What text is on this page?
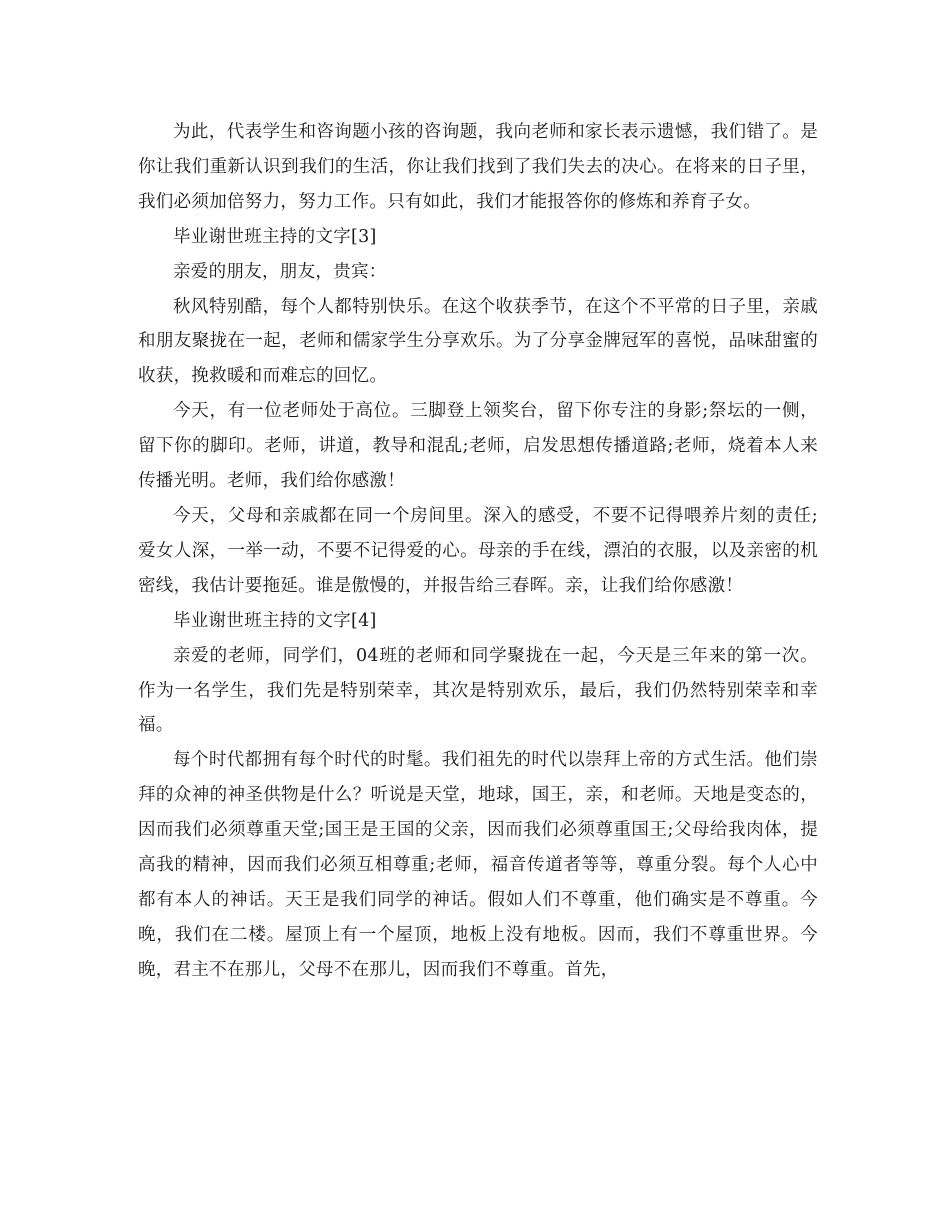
为此，代表学生和咨询题小孩的咨询题，我向老师和家长表示遗憾，我们错了。是你让我们重新认识到我们的生活，你让我们找到了我们失去的决心。在将来的日子里，我们必须加倍努力，努力工作。只有如此，我们才能报答你的修炼和养育子女。

毕业谢世班主持的文字[3]

亲爱的朋友，朋友，贵宾：

秋风特别酷，每个人都特别快乐。在这个收获季节，在这个不平常的日子里，亲戚和朋友聚拢在一起，老师和儒家学生分享欢乐。为了分享金牌冠军的喜悦，品味甜蜜的收获，挽救暖和而难忘的回忆。

今天，有一位老师处于高位。三脚登上领奖台，留下你专注的身影;祭坛的一侧，留下你的脚印。老师，讲道，教导和混乱;老师，启发思想传播道路;老师，烧着本人来传播光明。老师，我们给你感激！

今天，父母和亲戚都在同一个房间里。深入的感受，不要不记得喂养片刻的责任;爱女人深，一举一动，不要不记得爱的心。母亲的手在线，漂泊的衣服，以及亲密的机密线，我估计要拖延。谁是傲慢的，并报告给三春晖。亲，让我们给你感激！

毕业谢世班主持的文字[4]

亲爱的老师，同学们，04班的老师和同学聚拢在一起，今天是三年来的第一次。作为一名学生，我们先是特别荣幸，其次是特别欢乐，最后，我们仍然特别荣幸和幸福。

每个时代都拥有每个时代的时髦。我们祖先的时代以崇拜上帝的方式生活。他们崇拜的众神的神圣供物是什么？听说是天堂，地球，国王，亲，和老师。天地是变态的，因而我们必须尊重天堂;国王是王国的父亲，因而我们必须尊重国王;父母给我肉体，提高我的精神，因而我们必须互相尊重;老师，福音传道者等等，尊重分裂。每个人心中都有本人的神话。天王是我们同学的神话。假如人们不尊重，他们确实是不尊重。今晚，我们在二楼。屋顶上有一个屋顶，地板上没有地板。因而，我们不尊重世界。今晚，君主不在那儿，父母不在那儿，因而我们不尊重。首先，
